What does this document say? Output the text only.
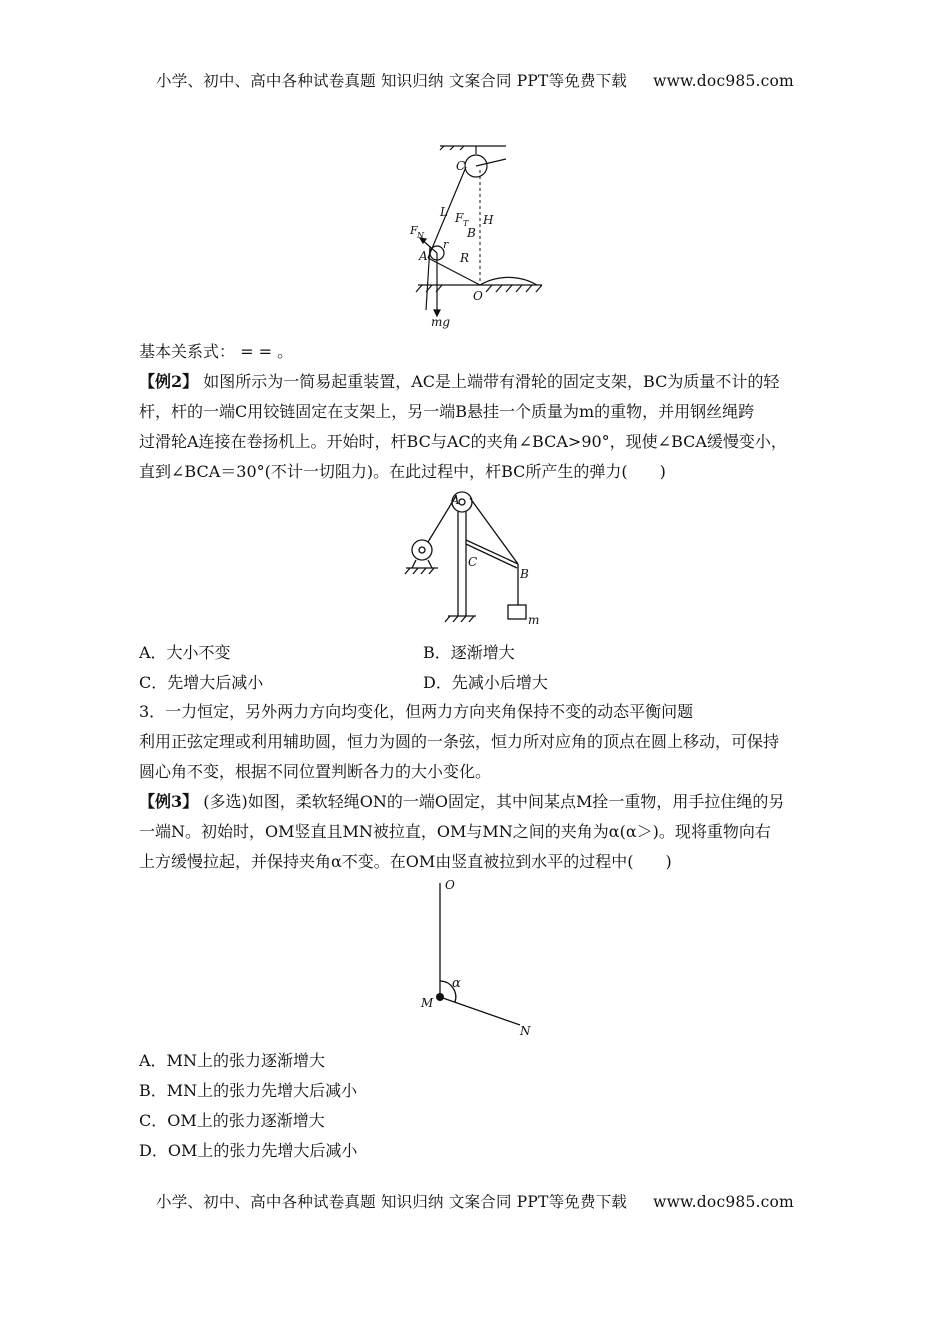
小学、初中、高中各种试卷真题 知识归纳 文案合同 PPT等免费下载 www.doc985.com
C
L F T H
B
F N
r
A	R
O
mg
基本关系式： = = 。
【例2】 如图所示为一简易起重装置，AC是上端带有滑轮的固定支架，BC为质量不计的轻
杆，杆的一端C用铰链固定在支架上，另一端B悬挂一个质量为m的重物，并用钢丝绳跨
过滑轮A连接在卷扬机上。开始时，杆BC与AC的夹角∠BCA>90°，现使∠BCA缓慢变小，
直到∠BCA＝30°(不计一切阻力)。在此过程中，杆BC所产生的弹力(　　)
A
C
B
m
A．大小不变	B．逐渐增大
C．先增大后减小	D．先减小后增大
3．一力恒定，另外两力方向均变化，但两力方向夹角保持不变的动态平衡问题
利用正弦定理或利用辅助圆，恒力为圆的一条弦，恒力所对应角的顶点在圆上移动，可保持
圆心角不变，根据不同位置判断各力的大小变化。
【例3】 (多选)如图，柔软轻绳ON的一端O固定，其中间某点M拴一重物，用手拉住绳的另
一端N。初始时，OM竖直且MN被拉直，OM与MN之间的夹角为α(α＞)。现将重物向右
上方缓慢拉起，并保持夹角α不变。在OM由竖直被拉到水平的过程中(　　)
O
α
M
N
A．MN上的张力逐渐增大
B．MN上的张力先增大后减小
C．OM上的张力逐渐增大
D．OM上的张力先增大后减小
小学、初中、高中各种试卷真题 知识归纳 文案合同 PPT等免费下载 www.doc985.com
